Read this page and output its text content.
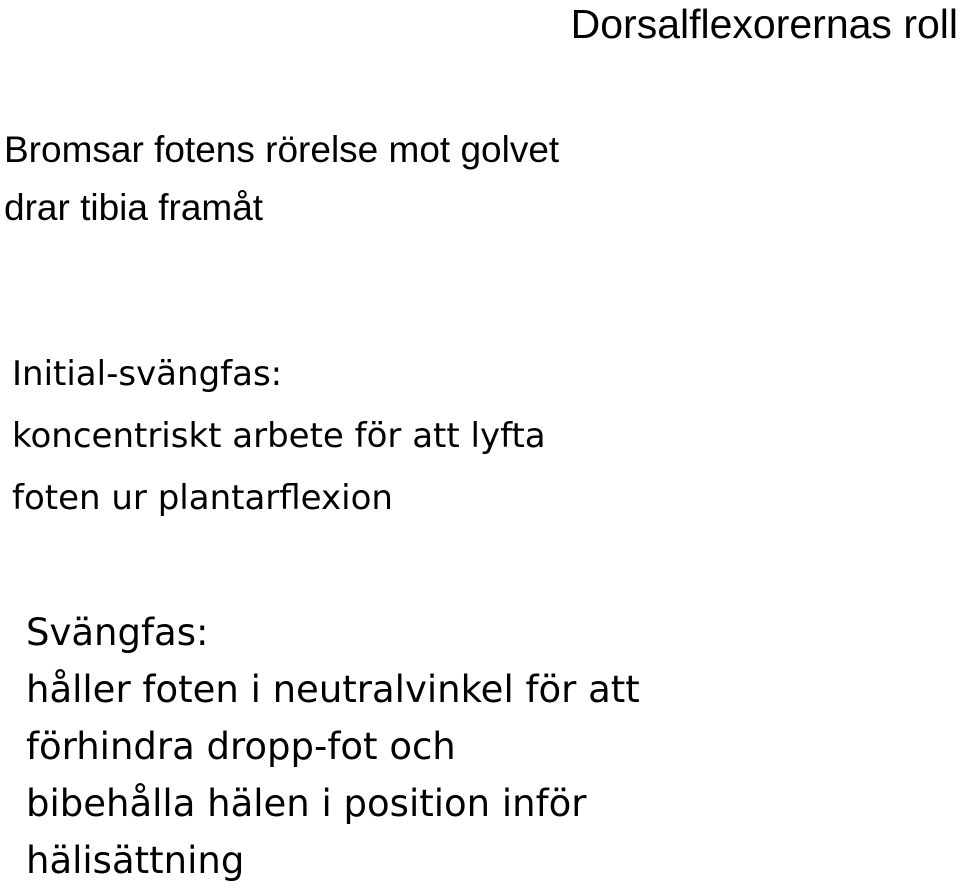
Dorsalflexorernas roll
Bromsar fotens rörelse mot golvet
drar tibia framåt
Initial-svängfas:
koncentriskt arbete för att lyfta
foten ur plantarflexion
Svängfas:
håller foten i neutralvinkel för att
förhindra dropp-fot och
bibehålla hälen i position inför
hälisättning
